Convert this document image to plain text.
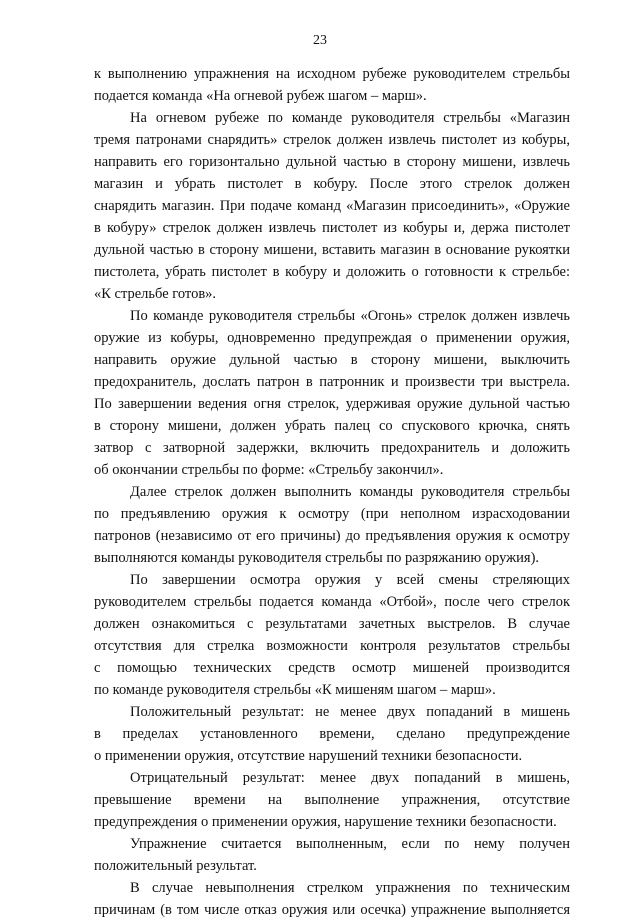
23
к выполнению упражнения на исходном рубеже руководителем стрельбы
подается команда «На огневой рубеж шагом – марш».
На огневом рубеже по команде руководителя стрельбы «Магазин
тремя патронами снарядить» стрелок должен извлечь пистолет из кобуры,
направить его горизонтально дульной частью в сторону мишени, извлечь
магазин и убрать пистолет в кобуру. После этого стрелок должен
снарядить магазин. При подаче команд «Магазин присоединить», «Оружие
в кобуру» стрелок должен извлечь пистолет из кобуры и, держа пистолет
дульной частью в сторону мишени, вставить магазин в основание рукоятки
пистолета, убрать пистолет в кобуру и доложить о готовности к стрельбе:
«К стрельбе готов».
По команде руководителя стрельбы «Огонь» стрелок должен извлечь
оружие из кобуры, одновременно предупреждая о применении оружия,
направить оружие дульной частью в сторону мишени, выключить
предохранитель, дослать патрон в патронник и произвести три выстрела.
По завершении ведения огня стрелок, удерживая оружие дульной частью
в сторону мишени, должен убрать палец со спускового крючка, снять
затвор с затворной задержки, включить предохранитель и доложить
об окончании стрельбы по форме: «Стрельбу закончил».
Далее стрелок должен выполнить команды руководителя стрельбы
по предъявлению оружия к осмотру (при неполном израсходовании
патронов (независимо от его причины) до предъявления оружия к осмотру
выполняются команды руководителя стрельбы по разряжанию оружия).
По завершении осмотра оружия у всей смены стреляющих
руководителем стрельбы подается команда «Отбой», после чего стрелок
должен ознакомиться с результатами зачетных выстрелов. В случае
отсутствия для стрелка возможности контроля результатов стрельбы
с помощью технических средств осмотр мишеней производится
по команде руководителя стрельбы «К мишеням шагом – марш».
Положительный результат: не менее двух попаданий в мишень
в пределах установленного времени, сделано предупреждение
о применении оружия, отсутствие нарушений техники безопасности.
Отрицательный результат: менее двух попаданий в мишень,
превышение времени на выполнение упражнения, отсутствие
предупреждения о применении оружия, нарушение техники безопасности.
Упражнение считается выполненным, если по нему получен
положительный результат.
В случае невыполнения стрелком упражнения по техническим
причинам (в том числе отказ оружия или осечка) упражнение выполняется
